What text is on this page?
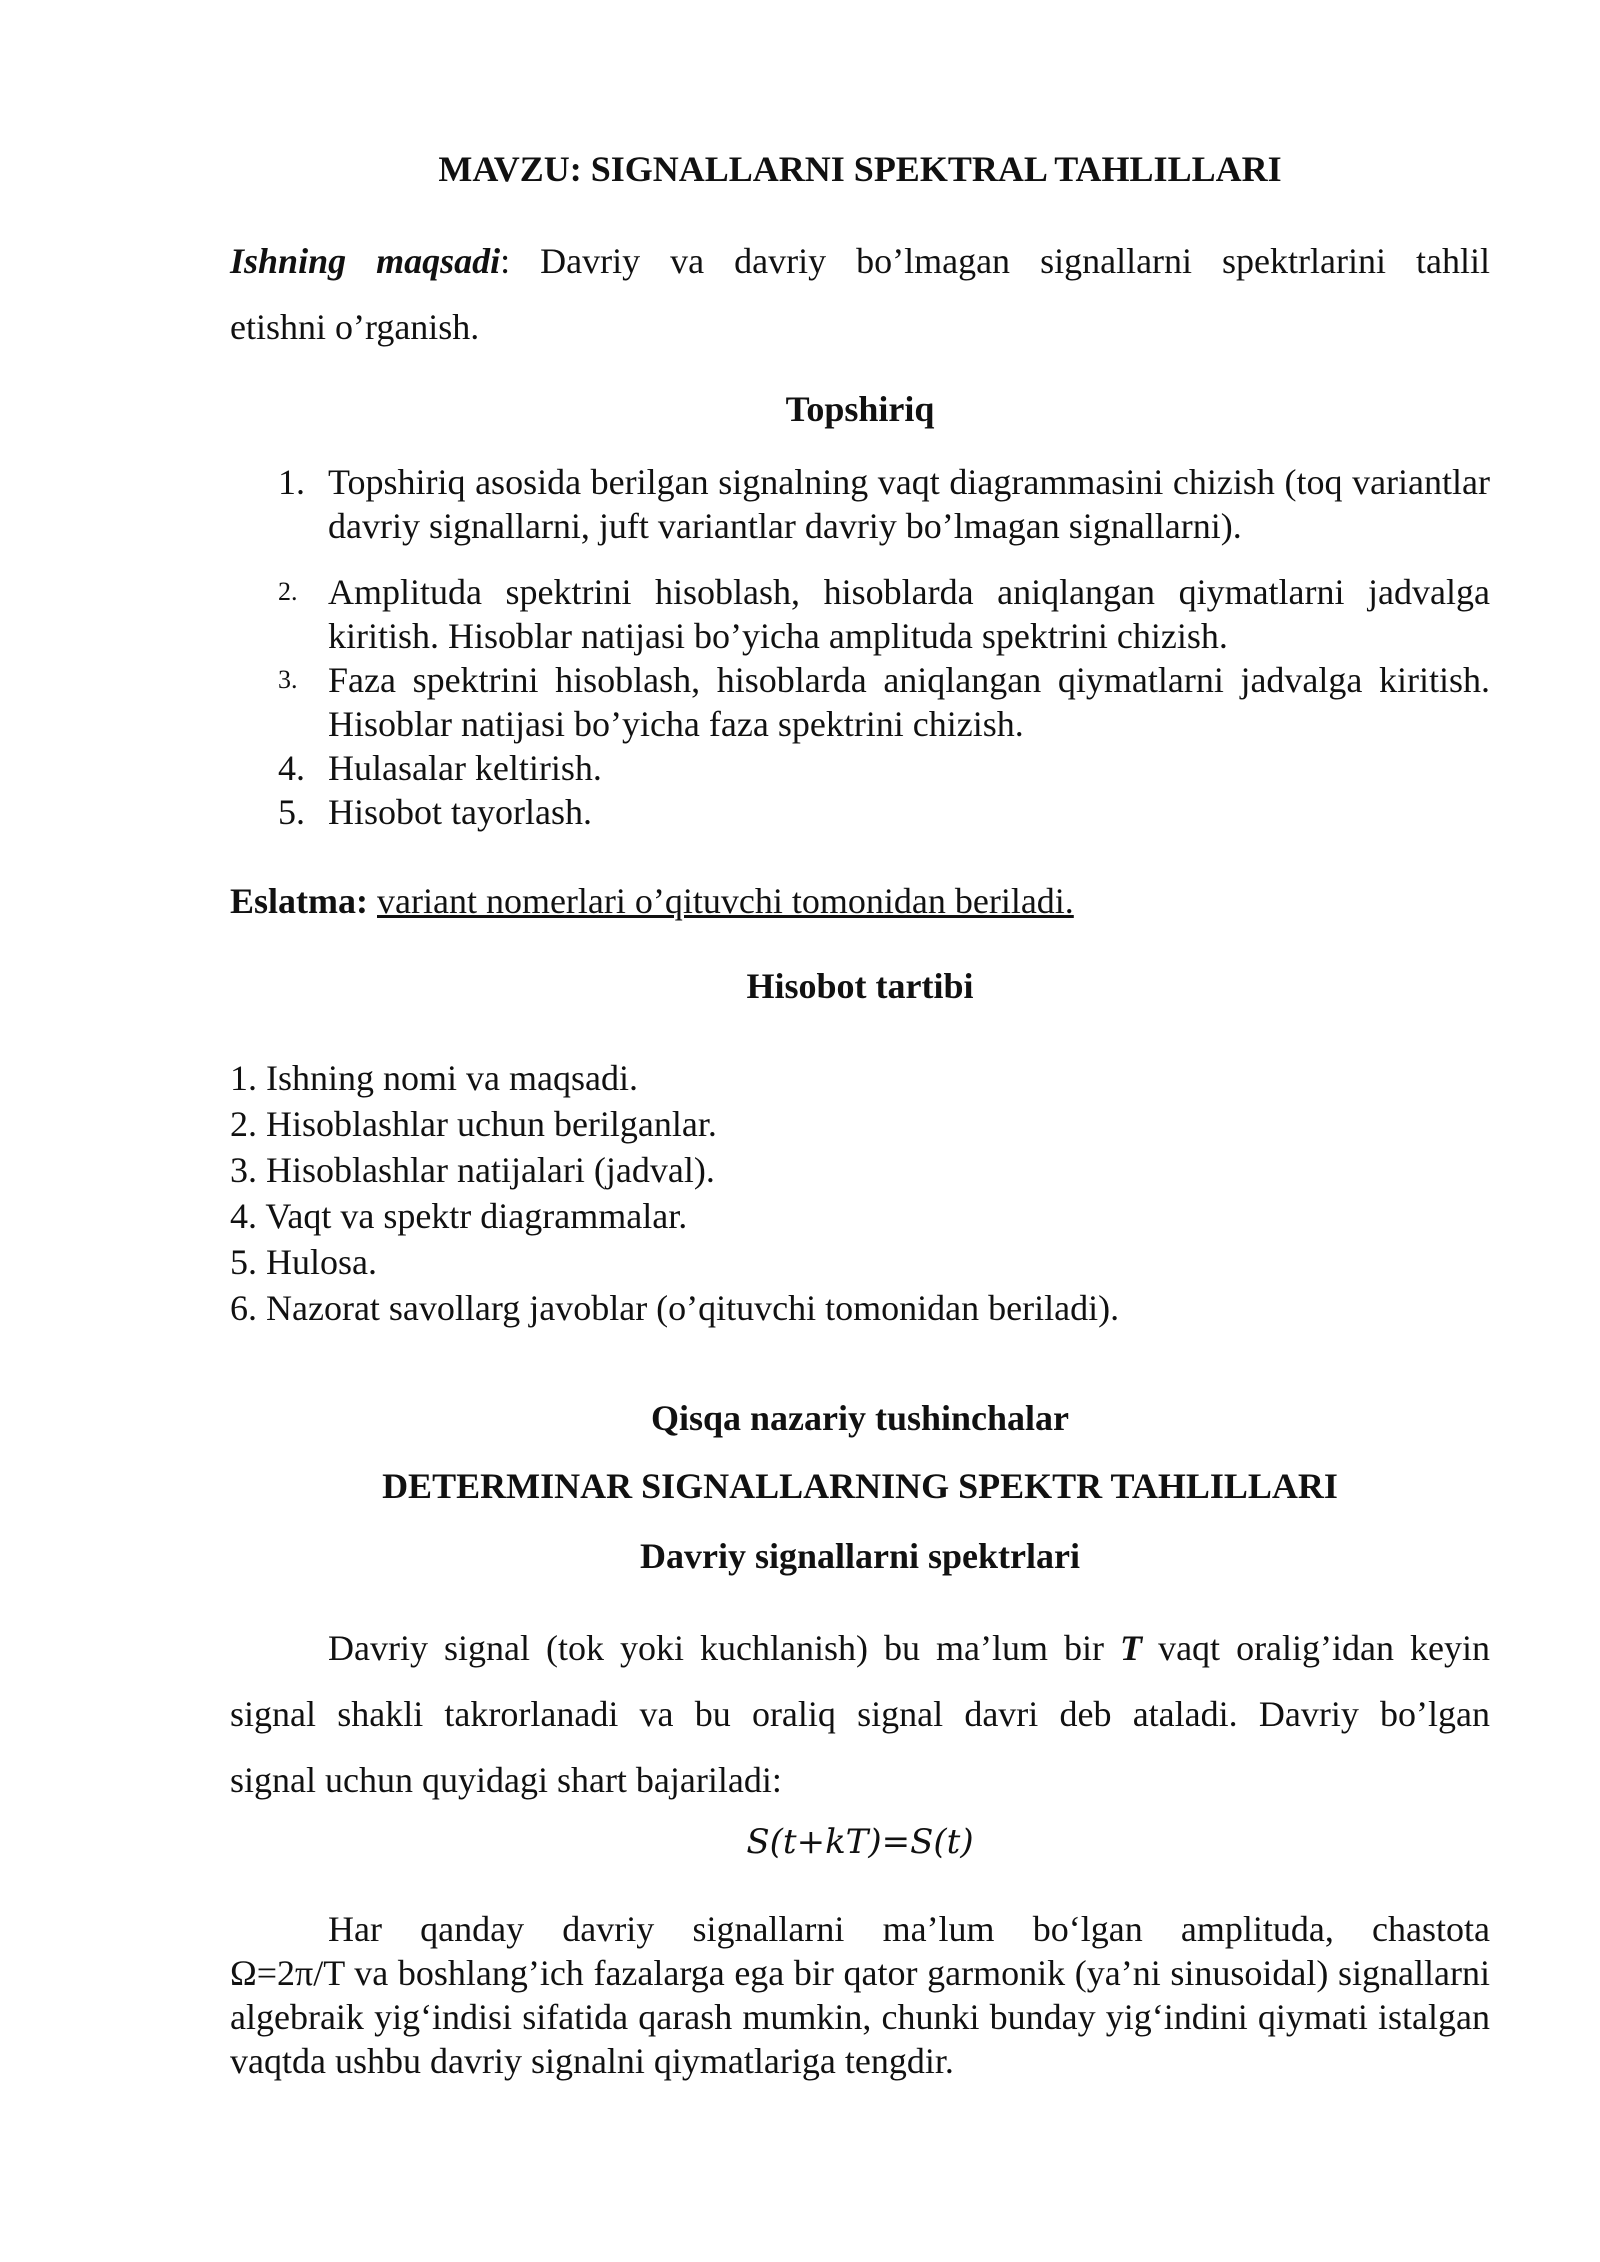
MAVZU: SIGNALLARNI SPEKTRAL TAHLILLARI
Ishning maqsadi: Davriy va davriy bo’lmagan signallarni spektrlarini tahlil
etishni o’rganish.
Topshiriq
1. Topshiriq asosida berilgan signalning vaqt diagrammasini chizish (toq variantlar davriy signallarni, juft variantlar davriy bo’lmagan signallarni).
2. Amplituda spektrini hisoblash, hisoblarda aniqlangan qiymatlarni jadvalga kiritish. Hisoblar natijasi bo’yicha amplituda spektrini chizish.
3. Faza spektrini hisoblash, hisoblarda aniqlangan qiymatlarni jadvalga kiritish. Hisoblar natijasi bo’yicha faza spektrini chizish.
4. Hulasalar keltirish.
5. Hisobot tayorlash.
Eslatma: variant nomerlari o’qituvchi tomonidan beriladi.
Hisobot tartibi
1. Ishning nomi va maqsadi.
2. Hisoblashlar uchun berilganlar.
3. Hisoblashlar natijalari (jadval).
4. Vaqt va spektr diagrammalar.
5. Hulosa.
6. Nazorat savollarg javoblar (o’qituvchi tomonidan beriladi).
Qisqa nazariy tushinchalar
DETERMINAR SIGNALLARNING SPEKTR TAHLILLARI
Davriy signallarni spektrlari
Davriy signal (tok yoki kuchlanish) bu ma’lum bir T vaqt oralig’idan keyin
signal shakli takrorlanadi va bu oraliq signal davri deb ataladi. Davriy bo’lgan
signal uchun quyidagi shart bajariladi:
S(t+kT)=S(t)
Har qanday davriy signallarni ma’lum bo‘lgan amplituda, chastota
Ω=2π/T va boshlang’ich fazalarga ega bir qator garmonik (ya’ni sinusoidal) signallarni algebraik yig‘indisi sifatida qarash mumkin, chunki bunday yig‘indini qiymati istalgan vaqtda ushbu davriy signalni qiymatlariga tengdir.
